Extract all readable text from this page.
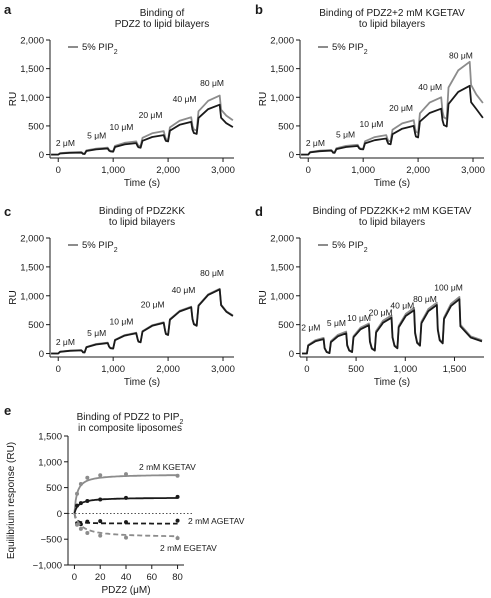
a	Binding of
PDZ2 to lipid bilayers
0
500
1,000
1,500
2,000
0	1,000	2,000	3,000
Time (s)
RU
5% $PIP_2$
2 μM
5 μM
10 μM
20 μM
40 μM
80 μM
b	Binding of PDZ2+2 mM KGETAV
to lipid bilayers
0
500
1,000
1,500
2,000
0	1,000	2,000	3,000
Time (s)
RU
5% $PIP_2$
2 μM
5 μM
10 μM
20 μM
40 μM
80 μM
c	Binding of PDZ2KK
to lipid bilayers
0
500
1,000
1,500
2,000
0	1,000	2,000	3,000
Time (s)
RU
5% $PIP_2$
2 μM
5 μM
10 μM
20 μM
40 μM
80 μM
d	Binding of PDZ2KK+2 mM KGETAV
to lipid bilayers
0
500
1,000
1,500
2,000
0	500	1,000	1,500
Time (s)
RU
5% $PIP_2$
2 μM 5 μM 10 μM
20 μM
40 μM
80 μM
100 μM
e	Binding of PDZ2 to $PIP_2$
in composite liposomes
−1,000
−500
0
500
1,000
1,500
0 20 40 60 80
PDZ2 (μM)
Equilibrium response (RU)	2 mM KGETAV
2 mM AGETAV
2 mM EGETAV
